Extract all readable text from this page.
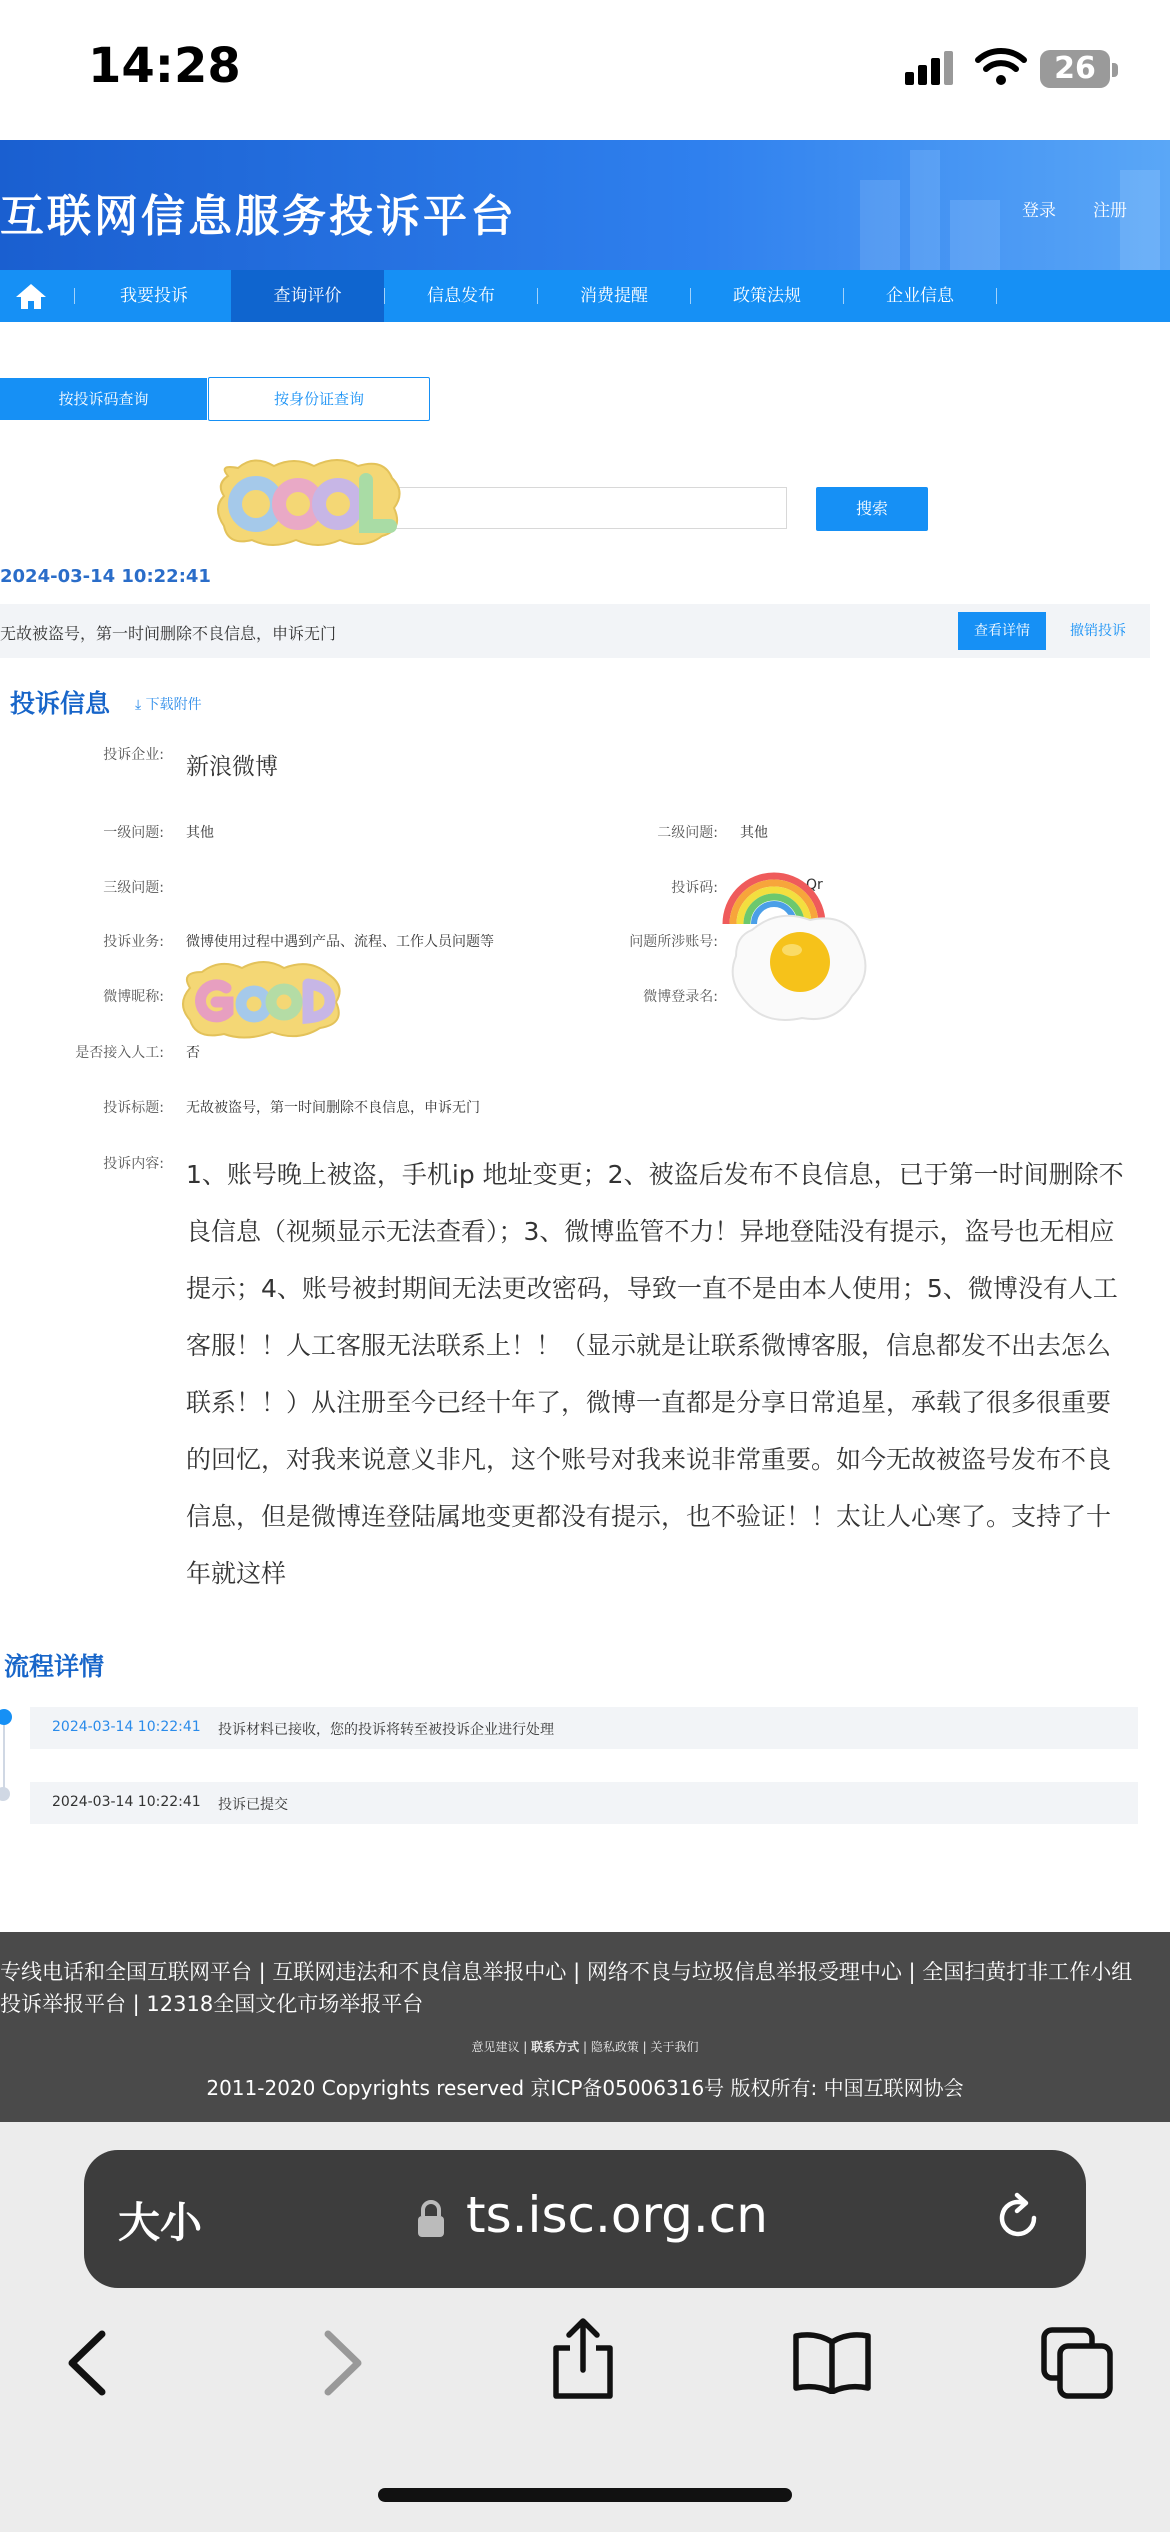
14:28	26
互联网信息服务投诉平台	登录 注册
我要投诉	查询评价	信息发布	消费提醒	政策法规	企业信息
按投诉码查询	按身份证查询
搜索
2024-03-14 10:22:41
无故被盗号，第一时间删除不良信息，申诉无门	查看详情	撤销投诉
投诉信息 ⤓ 下载附件
投诉企业: 新浪微博
一级问题: 其他	二级问题: 其他
三级问题:	投诉码:	Qr
投诉业务: 微博使用过程中遇到产品、流程、工作人员问题等	问题所涉账号:
微博昵称:	微博登录名:
是否接入人工: 否
投诉标题: 无故被盗号，第一时间删除不良信息，申诉无门
投诉内容: 1、账号晚上被盗，手机ip 地址变更；2、被盗后发布不良信息，已于第一时间删除不良信息（视频显示无法查看）；3、微博监管不力！异地登陆没有提示，盗号也无相应提示；4、账号被封期间无法更改密码，导致一直不是由本人使用；5、微博没有人工客服！！人工客服无法联系上！！（显示就是让联系微博客服，信息都发不出去怎么联系！！）从注册至今已经十年了，微博一直都是分享日常追星，承载了很多很重要的回忆，对我来说意义非凡，这个账号对我来说非常重要。如今无故被盗号发布不良信息，但是微博连登陆属地变更都没有提示，也不验证！！太让人心寒了。支持了十年就这样
流程详情
2024-03-14 10:22:41 投诉材料已接收，您的投诉将转至被投诉企业进行处理
2024-03-14 10:22:41 投诉已提交
专线电话和全国互联网平台 | 互联网违法和不良信息举报中心 | 网络不良与垃圾信息举报受理中心 | 全国扫黄打非工作小组
投诉举报平台 | 12318全国文化市场举报平台
意见建议 | 联系方式 | 隐私政策 | 关于我们
2011-2020 Copyrights reserved 京ICP备05006316号 版权所有: 中国互联网协会
大小	ts.isc.org.cn
